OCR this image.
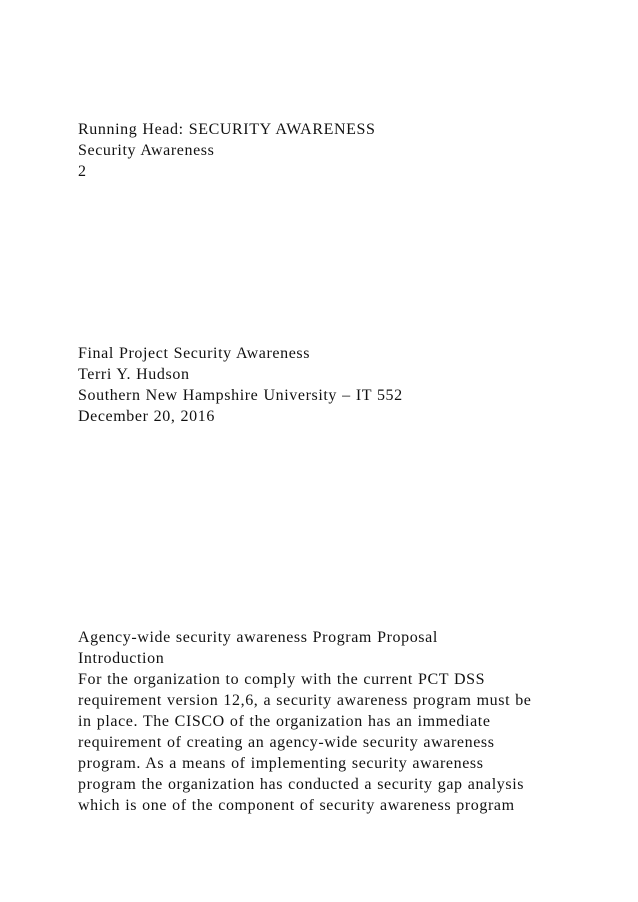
Running Head: SECURITY AWARENESS
Security Awareness
2
Final Project Security Awareness
Terri Y. Hudson
Southern New Hampshire University – IT 552
December 20, 2016
Agency-wide security awareness Program Proposal
Introduction
For the organization to comply with the current PCT DSS
requirement version 12,6, a security awareness program must be
in place. The CISCO of the organization has an immediate
requirement of creating an agency-wide security awareness
program. As a means of implementing security awareness
program the organization has conducted a security gap analysis
which is one of the component of security awareness program
